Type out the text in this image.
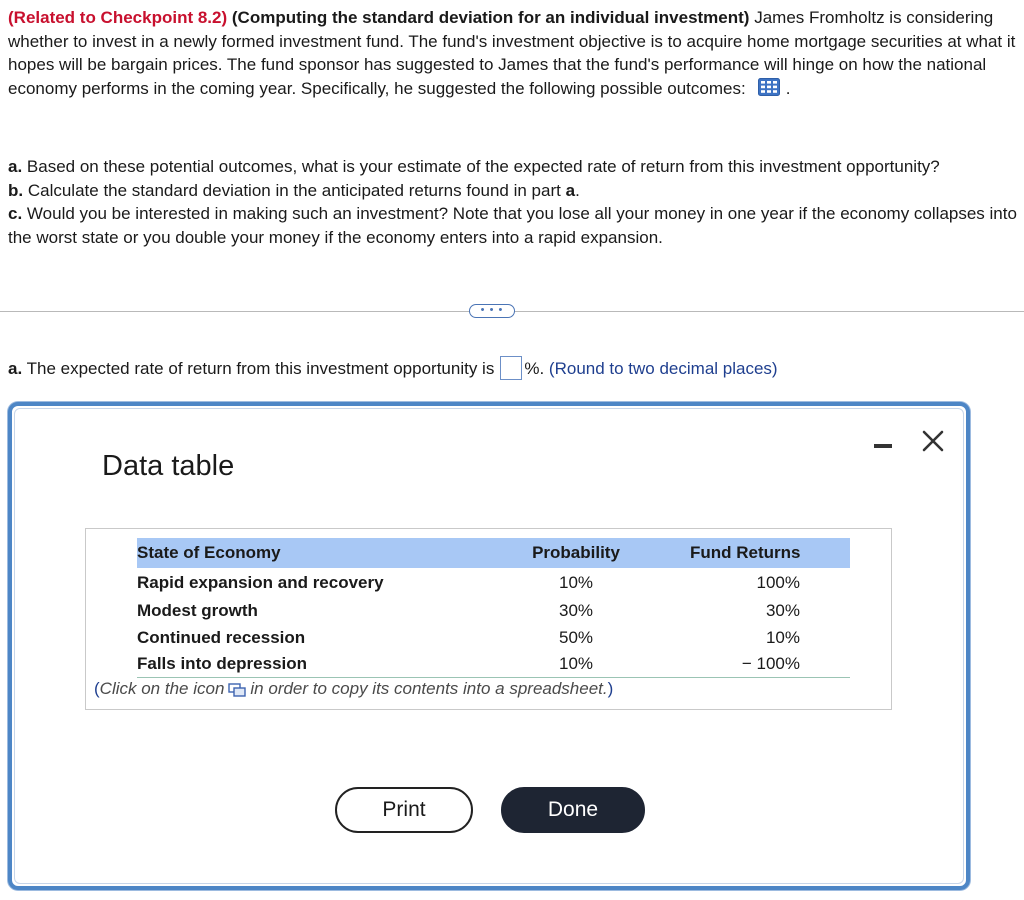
(Related to Checkpoint 8.2) (Computing the standard deviation for an individual investment) James Fromholtz is considering whether to invest in a newly formed investment fund. The fund's investment objective is to acquire home mortgage securities at what it hopes will be bargain prices. The fund sponsor has suggested to James that the fund's performance will hinge on how the national economy performs in the coming year. Specifically, he suggested the following possible outcomes: .

a. Based on these potential outcomes, what is your estimate of the expected rate of return from this investment opportunity?

b. Calculate the standard deviation in the anticipated returns found in part a.

c. Would you be interested in making such an investment? Note that you lose all your money in one year if the economy collapses into the worst state or you double your money if the economy enters into a rapid expansion.

• • •
a. The expected rate of return from this investment opportunity is %. (Round to two decimal places)
Data table
State of Economy	Probability	Fund Returns
Rapid expansion and recovery	10%	100%
Modest growth	30%	30%
Continued recession	50%	10%
Falls into depression	10%	− 100%
(Click on the icon in order to copy its contents into a spreadsheet.)
Print	Done
